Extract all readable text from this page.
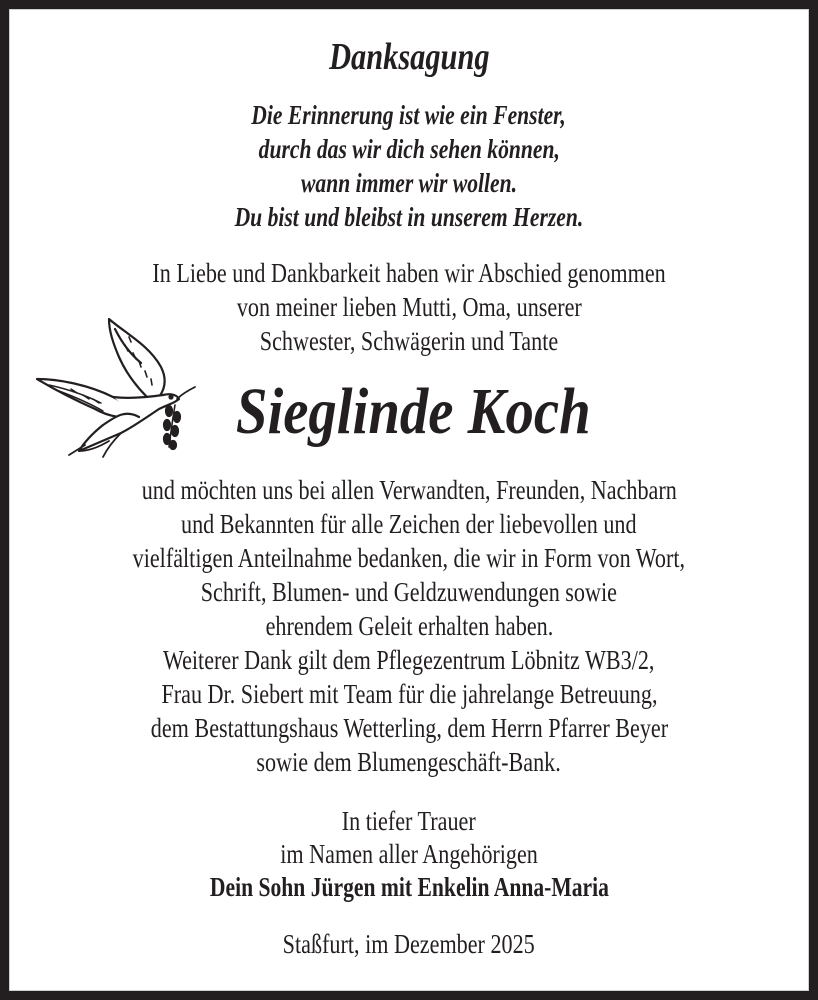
Danksagung
Die Erinnerung ist wie ein Fenster,
durch das wir dich sehen können,
wann immer wir wollen.
Du bist und bleibst in unserem Herzen.
In Liebe und Dankbarkeit haben wir Abschied genommen
von meiner lieben Mutti, Oma, unserer
Schwester, Schwägerin und Tante
Sieglinde Koch
und möchten uns bei allen Verwandten, Freunden, Nachbarn
und Bekannten für alle Zeichen der liebevollen und
vielfältigen Anteilnahme bedanken, die wir in Form von Wort,
Schrift, Blumen- und Geldzuwendungen sowie
ehrendem Geleit erhalten haben.
Weiterer Dank gilt dem Pflegezentrum Löbnitz WB3/2,
Frau Dr. Siebert mit Team für die jahrelange Betreuung,
dem Bestattungshaus Wetterling, dem Herrn Pfarrer Beyer
sowie dem Blumengeschäft-Bank.
In tiefer Trauer
im Namen aller Angehörigen
Dein Sohn Jürgen mit Enkelin Anna-Maria
Staßfurt, im Dezember 2025
